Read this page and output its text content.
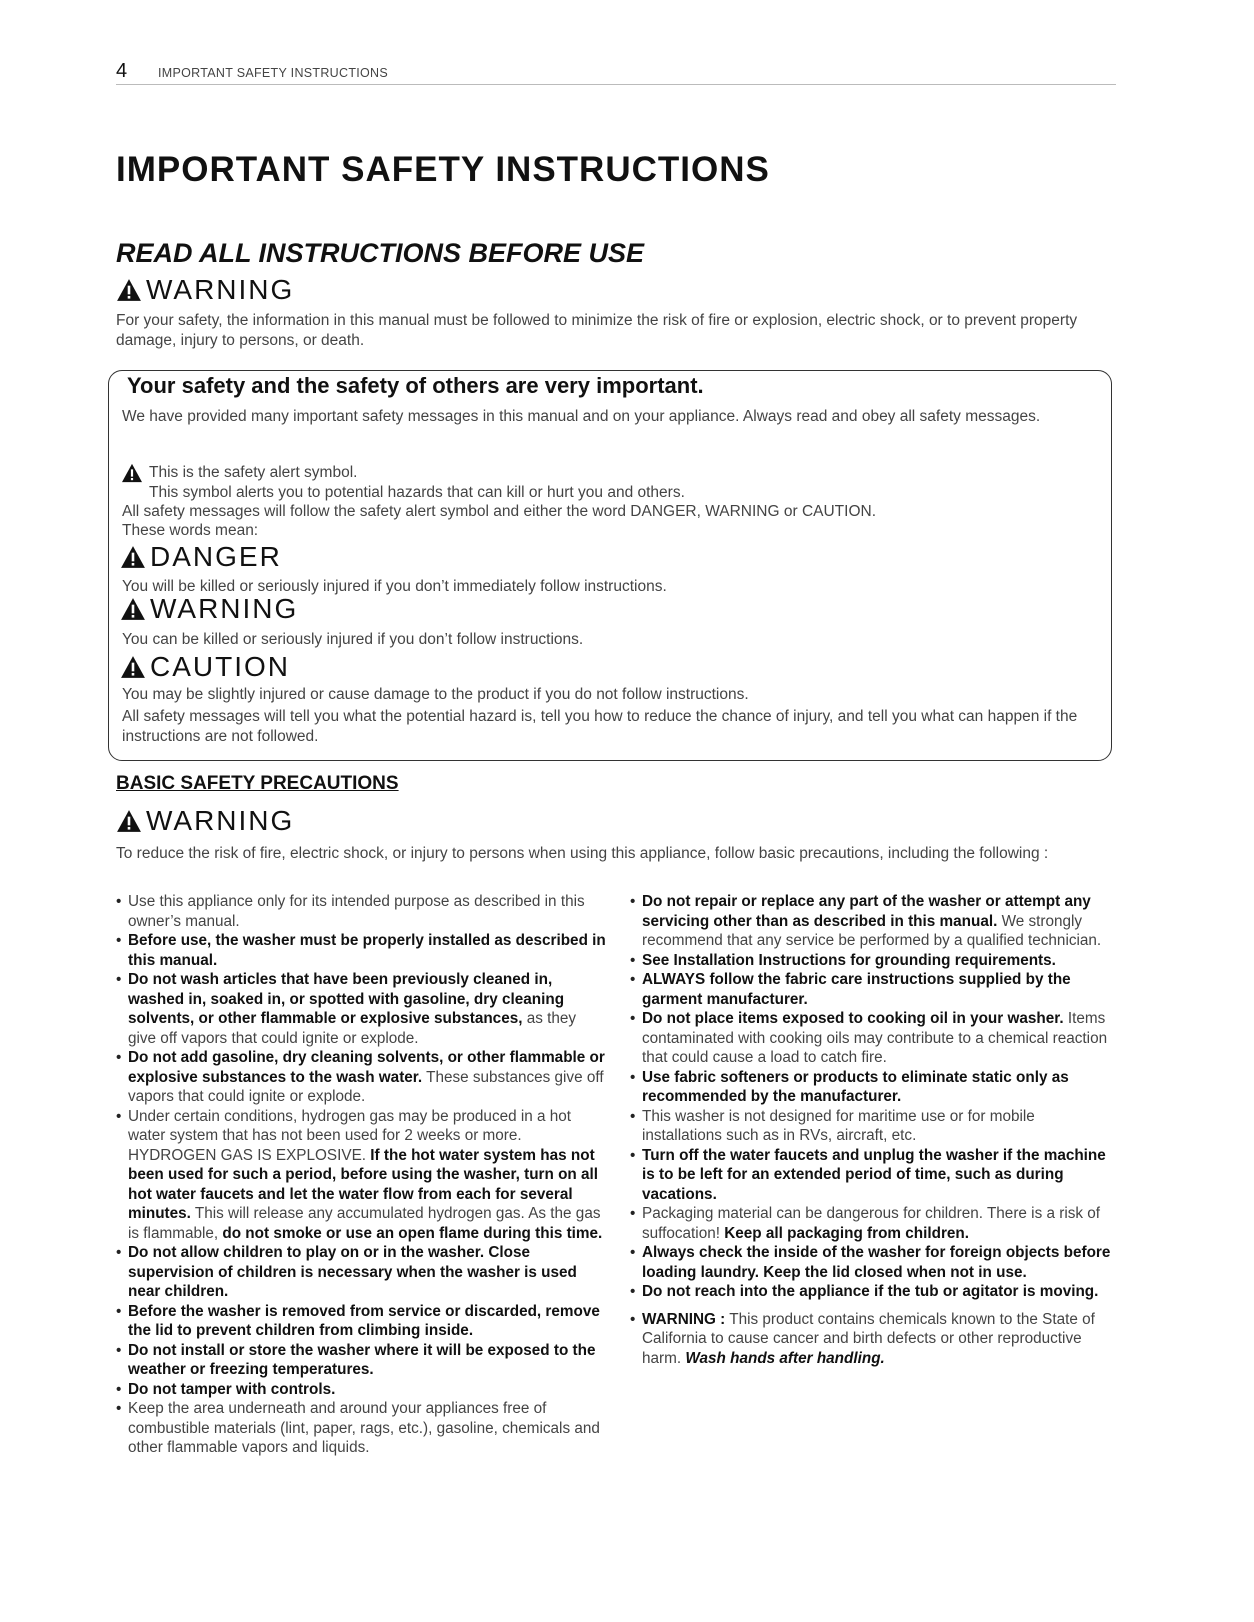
4 IMPORTANT SAFETY INSTRUCTIONS
IMPORTANT SAFETY INSTRUCTIONS
READ ALL INSTRUCTIONS BEFORE USE
WARNING
For your safety, the information in this manual must be followed to minimize the risk of fire or explosion, electric shock, or to prevent property damage, injury to persons, or death.
Your safety and the safety of others are very important.
We have provided many important safety messages in this manual and on your appliance. Always read and obey all safety messages.
This is the safety alert symbol.
This symbol alerts you to potential hazards that can kill or hurt you and others.
All safety messages will follow the safety alert symbol and either the word DANGER, WARNING or CAUTION.
These words mean:
DANGER
You will be killed or seriously injured if you don’t immediately follow instructions.
WARNING
You can be killed or seriously injured if you don’t follow instructions.
CAUTION
You may be slightly injured or cause damage to the product if you do not follow instructions.
All safety messages will tell you what the potential hazard is, tell you how to reduce the chance of injury, and tell you what can happen if the instructions are not followed.
BASIC SAFETY PRECAUTIONS
WARNING
To reduce the risk of fire, electric shock, or injury to persons when using this appliance, follow basic precautions, including the following :
• Use this appliance only for its intended purpose as described in this owner’s manual.
• Before use, the washer must be properly installed as described in this manual.
• Do not wash articles that have been previously cleaned in, washed in, soaked in, or spotted with gasoline, dry cleaning solvents, or other flammable or explosive substances, as they give off vapors that could ignite or explode.
• Do not add gasoline, dry cleaning solvents, or other flammable or explosive substances to the wash water. These substances give off vapors that could ignite or explode.
• Under certain conditions, hydrogen gas may be produced in a hot water system that has not been used for 2 weeks or more. HYDROGEN GAS IS EXPLOSIVE. If the hot water system has not been used for such a period, before using the washer, turn on all hot water faucets and let the water flow from each for several minutes. This will release any accumulated hydrogen gas. As the gas is flammable, do not smoke or use an open flame during this time.
• Do not allow children to play on or in the washer. Close supervision of children is necessary when the washer is used near children.
• Before the washer is removed from service or discarded, remove the lid to prevent children from climbing inside.
• Do not install or store the washer where it will be exposed to the weather or freezing temperatures.
• Do not tamper with controls.
• Keep the area underneath and around your appliances free of combustible materials (lint, paper, rags, etc.), gasoline, chemicals and other flammable vapors and liquids.
• Do not repair or replace any part of the washer or attempt any servicing other than as described in this manual. We strongly recommend that any service be performed by a qualified technician.
• See Installation Instructions for grounding requirements.
• ALWAYS follow the fabric care instructions supplied by the garment manufacturer.
• Do not place items exposed to cooking oil in your washer. Items contaminated with cooking oils may contribute to a chemical reaction that could cause a load to catch fire.
• Use fabric softeners or products to eliminate static only as recommended by the manufacturer.
• This washer is not designed for maritime use or for mobile installations such as in RVs, aircraft, etc.
• Turn off the water faucets and unplug the washer if the machine is to be left for an extended period of time, such as during vacations.
• Packaging material can be dangerous for children. There is a risk of suffocation! Keep all packaging from children.
• Always check the inside of the washer for foreign objects before loading laundry. Keep the lid closed when not in use.
• Do not reach into the appliance if the tub or agitator is moving.
• WARNING : This product contains chemicals known to the State of California to cause cancer and birth defects or other reproductive harm. Wash hands after handling.
